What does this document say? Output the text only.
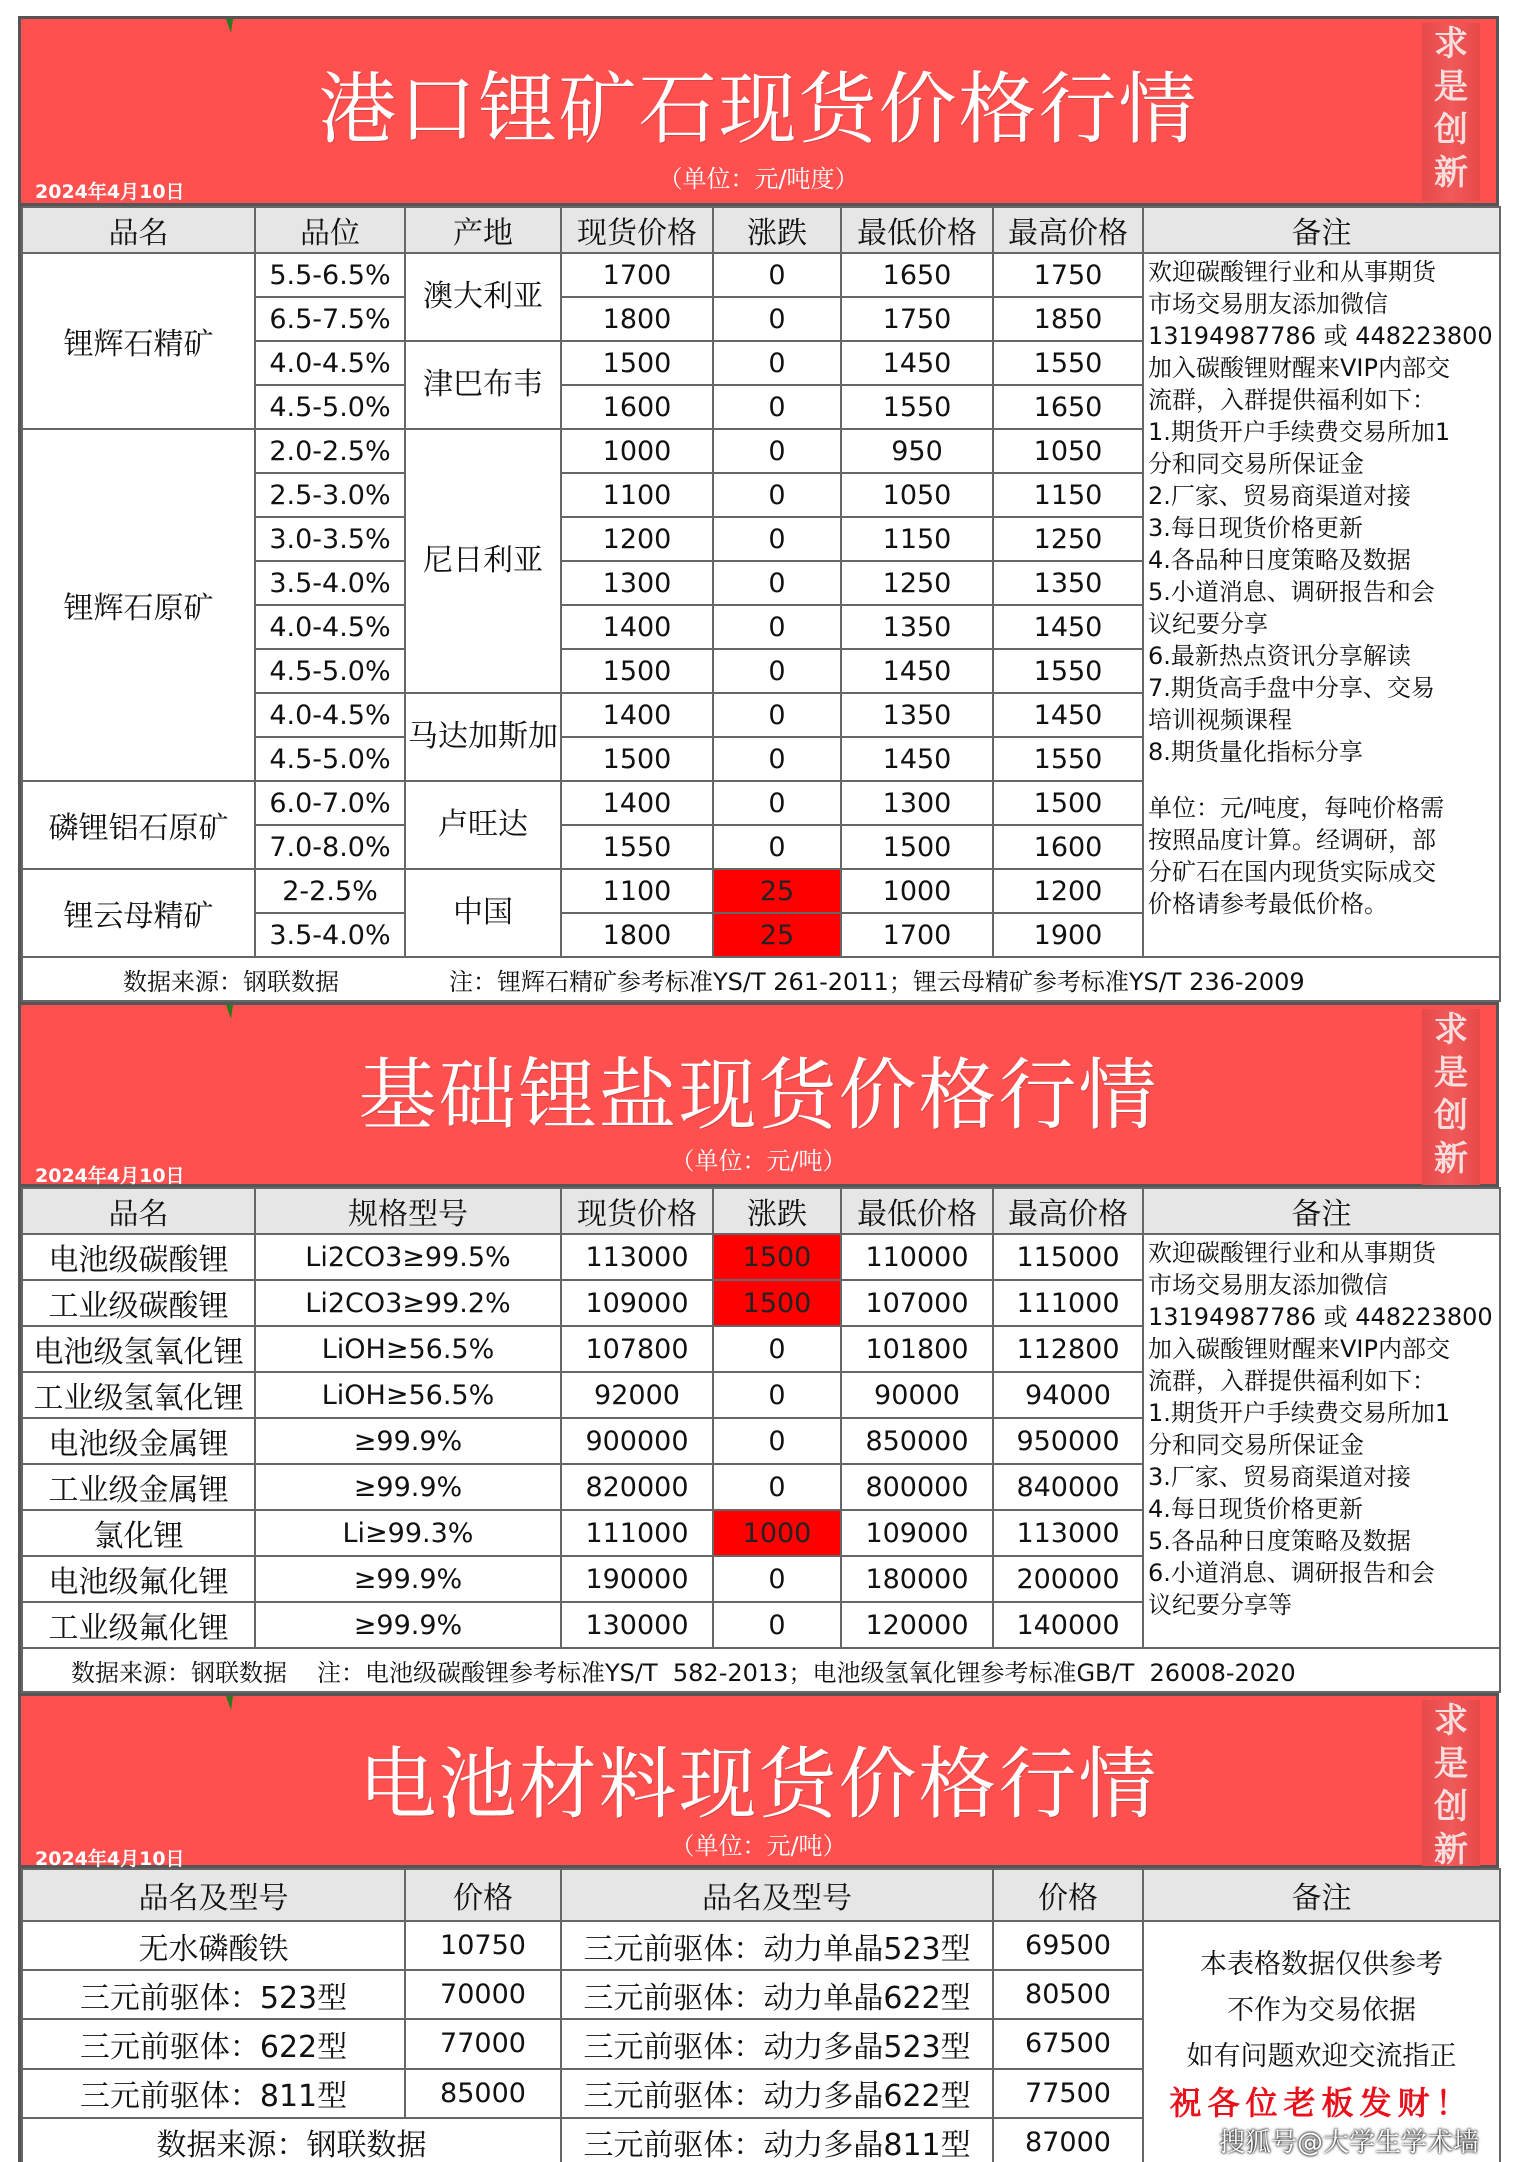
港口锂矿石现货价格行情
（单位：元/吨度）
2024年4月10日
求
是
创
新
品名	品位	产地	现货价格	涨跌	最低价格	最高价格	备注
锂辉石精矿	5.5-6.5%	澳大利亚	1700	0	1650	1750	欢迎碳酸锂行业和从事期货
市场交易朋友添加微信
13194987786 或 448223800
加入碳酸锂财醒来VIP内部交
流群，入群提供福利如下：
1.期货开户手续费交易所加1
分和同交易所保证金
2.厂家、贸易商渠道对接
3.每日现货价格更新
4.各品种日度策略及数据
5.小道消息、调研报告和会
议纪要分享
6.最新热点资讯分享解读
7.期货高手盘中分享、交易
培训视频课程
8.期货量化指标分享
单位：元/吨度，每吨价格需
按照品度计算。经调研，部
分矿石在国内现货实际成交
价格请参考最低价格。

	6.5-7.5%		1800	0	1750	1850	
	4.0-4.5%	津巴布韦	1500	0	1450	1550	
	4.5-5.0%		1600	0	1550	1650	
锂辉石原矿	2.0-2.5%	尼日利亚	1000	0	950	1050	
	2.5-3.0%		1100	0	1050	1150	
	3.0-3.5%		1200	0	1150	1250	
	3.5-4.0%		1300	0	1250	1350	
	4.0-4.5%		1400	0	1350	1450	
	4.5-5.0%		1500	0	1450	1550	
	4.0-4.5%	马达加斯加	1400	0	1350	1450	
	4.5-5.0%		1500	0	1450	1550	
磷锂铝石原矿	6.0-7.0%	卢旺达	1400	0	1300	1500	
	7.0-8.0%		1550	0	1500	1600	
锂云母精矿	2-2.5%	中国	1100	25	1000	1200	
	3.5-4.0%		1800	25	1700	1900	
数据来源：钢联数据 注：锂辉石精矿参考标准YS/T 261-2011；锂云母精矿参考标准YS/T 236-2009							
基础锂盐现货价格行情
（单位：元/吨）
2024年4月10日
求
是
创
新
品名	规格型号	现货价格	涨跌	最低价格	最高价格	备注
电池级碳酸锂	Li2CO3≥99.5%	113000	1500	110000	115000	欢迎碳酸锂行业和从事期货
市场交易朋友添加微信
13194987786 或 448223800
加入碳酸锂财醒来VIP内部交
流群，入群提供福利如下：
1.期货开户手续费交易所加1
分和同交易所保证金
3.厂家、贸易商渠道对接
4.每日现货价格更新
5.各品种日度策略及数据
6.小道消息、调研报告和会
议纪要分享等

工业级碳酸锂	Li2CO3≥99.2%	109000	1500	107000	111000	
电池级氢氧化锂	LiOH≥56.5%	107800	0	101800	112800	
工业级氢氧化锂	LiOH≥56.5%	92000	0	90000	94000	
电池级金属锂	≥99.9%	900000	0	850000	950000	
工业级金属锂	≥99.9%	820000	0	800000	840000	
氯化锂	Li≥99.3%	111000	1000	109000	113000	
电池级氟化锂	≥99.9%	190000	0	180000	200000	
工业级氟化锂	≥99.9%	130000	0	120000	140000	
数据来源：钢联数据 注：电池级碳酸锂参考标准YS/T  582-2013；电池级氢氧化锂参考标准GB/T  26008-2020						
电池材料现货价格行情
（单位：元/吨）
2024年4月10日
求
是
创
新
品名及型号	价格	品名及型号	价格	备注
无水磷酸铁	10750	三元前驱体：动力单晶523型	69500	本表格数据仅供参考
不作为交易依据
如有问题欢迎交流指正
祝各位老板发财！
搜狐号@大学生学术墙

三元前驱体：523型	70000	三元前驱体：动力单晶622型	80500	
三元前驱体：622型	77000	三元前驱体：动力多晶523型	67500	
三元前驱体：811型	85000	三元前驱体：动力多晶622型	77500	
数据来源：钢联数据		三元前驱体：动力多晶811型	87000	
